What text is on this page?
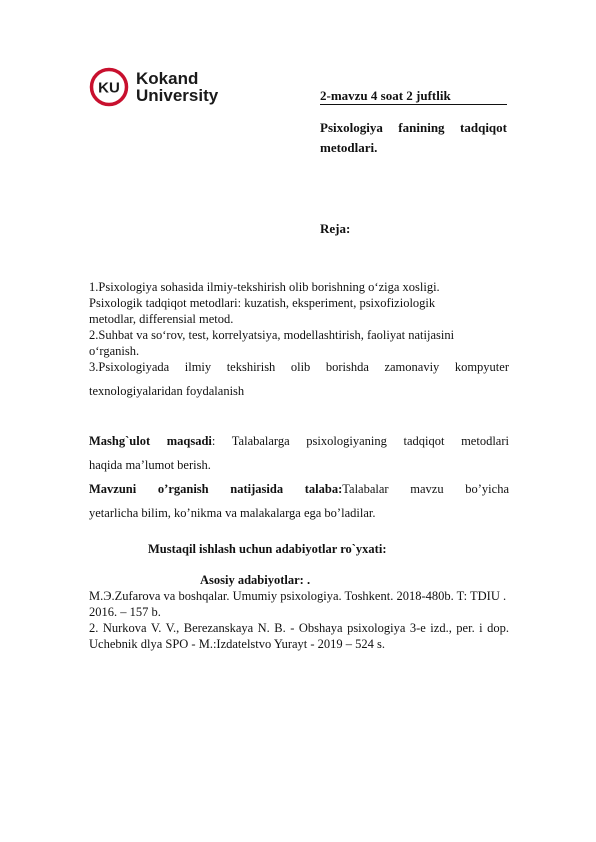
KU Kokand
University	2-mavzu 4 soat 2 juftlik
Psixologiya fanining tadqiqot
metodlari.
Reja:
1.Psixologiya sohasida ilmiy-tekshirish olib borishning o‘ziga xosligi.
Psixologik tadqiqot metodlari: kuzatish, eksperiment, psixofiziologik
metodlar, differensial metod.
2.Suhbat va so‘rov, test, korrelyatsiya, modellashtirish, faoliyat natijasini
o‘rganish.
3.Psixologiyada ilmiy tekshirish olib borishda zamonaviy kompyuter
texnologiyalaridan foydalanish
Mashg`ulot maqsadi: Talabalarga psixologiyaning tadqiqot metodlari
haqida ma’lumot berish.
Mavzuni o’rganish natijasida talaba:Talabalar mavzu bo’yicha
yetarlicha bilim, ko’nikma va malakalarga ega bo’ladilar.
Mustaqil ishlash uchun adabiyotlar ro`yxati:
Asosiy adabiyotlar: .
M.Э.Zufarova va boshqalar. Umumiy psixologiya. Toshkent. 2018-480b. T: TDIU .
2016. – 157 b.
2. Nurkova V. V., Berezanskaya N. B. - Obshaya psixologiya 3-e izd., per. i dop.
Uchebnik dlya SPO - M.:Izdatelstvo Yurayt - 2019 – 524 s.
